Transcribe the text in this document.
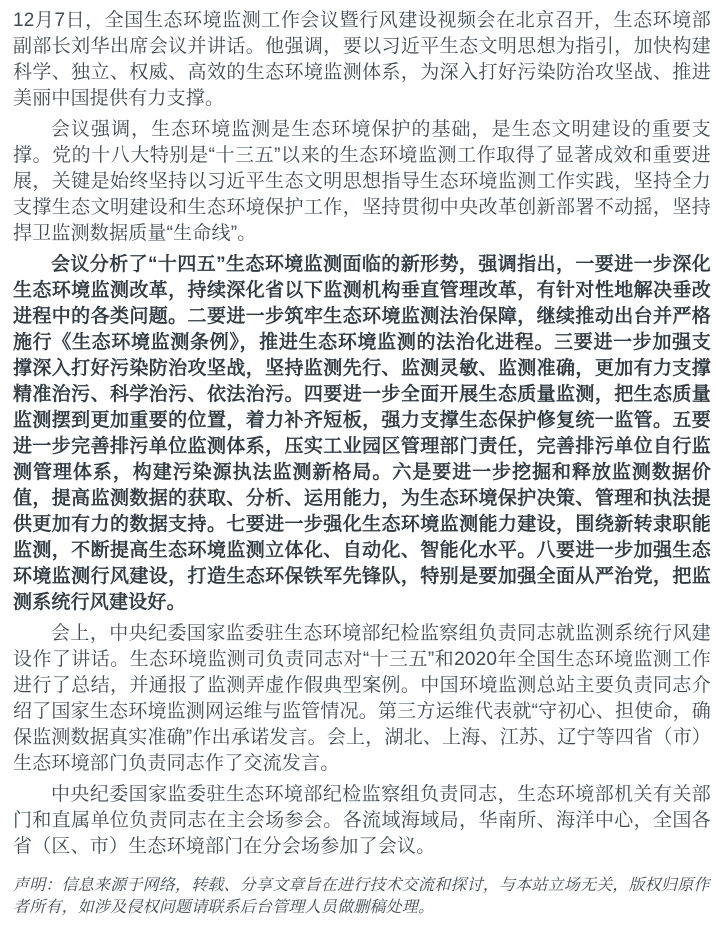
12月7日，全国生态环境监测工作会议暨行风建设视频会在北京召开，生态环境部副部长刘华出席会议并讲话。他强调，要以习近平生态文明思想为指引，加快构建科学、独立、权威、高效的生态环境监测体系，为深入打好污染防治攻坚战、推进美丽中国提供有力支撑。

会议强调，生态环境监测是生态环境保护的基础，是生态文明建设的重要支撑。党的十八大特别是“十三五”以来的生态环境监测工作取得了显著成效和重要进展，关键是始终坚持以习近平生态文明思想指导生态环境监测工作实践，坚持全力支撑生态文明建设和生态环境保护工作，坚持贯彻中央改革创新部署不动摇，坚持捍卫监测数据质量“生命线”。

会议分析了“十四五”生态环境监测面临的新形势，强调指出，一要进一步深化生态环境监测改革，持续深化省以下监测机构垂直管理改革，有针对性地解决垂改进程中的各类问题。二要进一步筑牢生态环境监测法治保障，继续推动出台并严格施行《生态环境监测条例》，推进生态环境监测的法治化进程。三要进一步加强支撑深入打好污染防治攻坚战，坚持监测先行、监测灵敏、监测准确，更加有力支撑精准治污、科学治污、依法治污。四要进一步全面开展生态质量监测，把生态质量监测摆到更加重要的位置，着力补齐短板，强力支撑生态保护修复统一监管。五要进一步完善排污单位监测体系，压实工业园区管理部门责任，完善排污单位自行监测管理体系，构建污染源执法监测新格局。六是要进一步挖掘和释放监测数据价值，提高监测数据的获取、分析、运用能力，为生态环境保护决策、管理和执法提供更加有力的数据支持。七要进一步强化生态环境监测能力建设，围绕新转隶职能监测，不断提高生态环境监测立体化、自动化、智能化水平。八要进一步加强生态环境监测行风建设，打造生态环保铁军先锋队，特别是要加强全面从严治党，把监测系统行风建设好。

会上，中央纪委国家监委驻生态环境部纪检监察组负责同志就监测系统行风建设作了讲话。生态环境监测司负责同志对“十三五”和2020年全国生态环境监测工作进行了总结，并通报了监测弄虚作假典型案例。中国环境监测总站主要负责同志介绍了国家生态环境监测网运维与监管情况。第三方运维代表就“守初心、担使命，确保监测数据真实准确”作出承诺发言。会上，湖北、上海、江苏、辽宁等四省（市）生态环境部门负责同志作了交流发言。

中央纪委国家监委驻生态环境部纪检监察组负责同志，生态环境部机关有关部门和直属单位负责同志在主会场参会。各流域海域局，华南所、海洋中心，全国各省（区、市）生态环境部门在分会场参加了会议。

声明：信息来源于网络，转载、分享文章旨在进行技术交流和探讨，与本站立场无关，版权归原作者所有，如涉及侵权问题请联系后台管理人员做删稿处理。
